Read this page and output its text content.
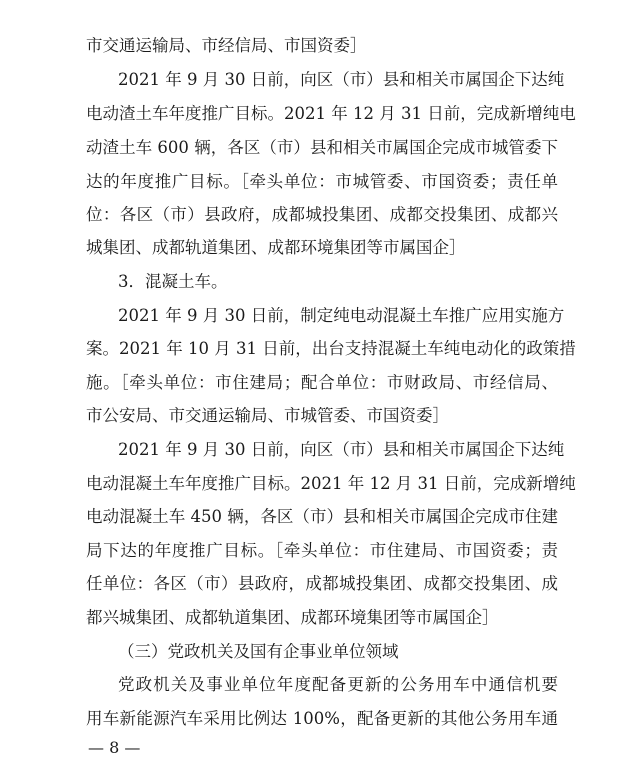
市交通运输局、市经信局、市国资委］
2021 年 9 月 30 日前，向区（市）县和相关市属国企下达纯
电动渣土车年度推广目标。2021 年 12 月 31 日前，完成新增纯电
动渣土车 600 辆，各区（市）县和相关市属国企完成市城管委下
达的年度推广目标。［牵头单位：市城管委、市国资委；责任单
位：各区（市）县政府，成都城投集团、成都交投集团、成都兴
城集团、成都轨道集团、成都环境集团等市属国企］
3．混凝土车。
2021 年 9 月 30 日前，制定纯电动混凝土车推广应用实施方
案。2021 年 10 月 31 日前，出台支持混凝土车纯电动化的政策措
施。［牵头单位：市住建局；配合单位：市财政局、市经信局、
市公安局、市交通运输局、市城管委、市国资委］
2021 年 9 月 30 日前，向区（市）县和相关市属国企下达纯
电动混凝土车年度推广目标。2021 年 12 月 31 日前，完成新增纯
电动混凝土车 450 辆，各区（市）县和相关市属国企完成市住建
局下达的年度推广目标。［牵头单位：市住建局、市国资委；责
任单位：各区（市）县政府，成都城投集团、成都交投集团、成
都兴城集团、成都轨道集团、成都环境集团等市属国企］
（三）党政机关及国有企事业单位领域
党政机关及事业单位年度配备更新的公务用车中通信机要
用车新能源汽车采用比例达 100%，配备更新的其他公务用车通
— 8 —
